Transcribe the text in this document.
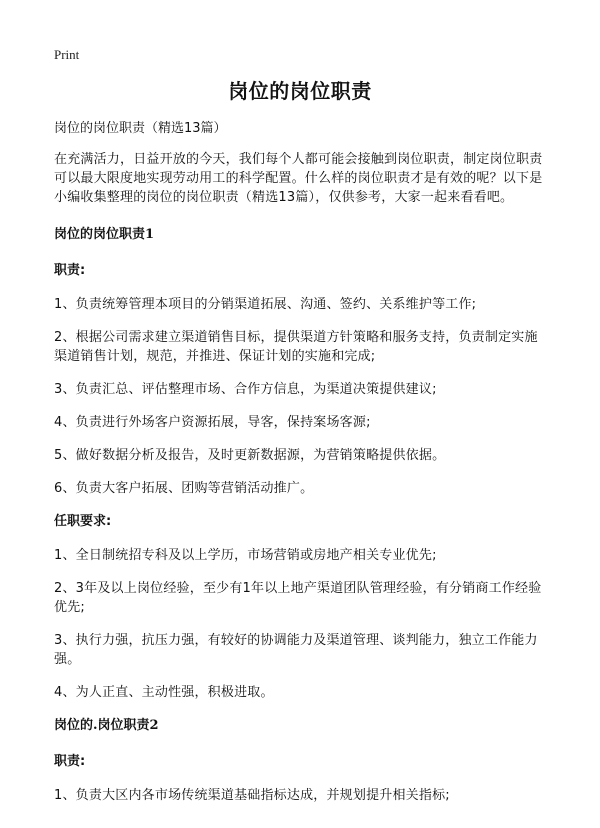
Print
岗位的岗位职责
岗位的岗位职责（精选13篇）
在充满活力，日益开放的今天，我们每个人都可能会接触到岗位职责，制定岗位职责可以最大限度地实现劳动用工的科学配置。什么样的岗位职责才是有效的呢？以下是小编收集整理的岗位的岗位职责（精选13篇），仅供参考，大家一起来看看吧。
岗位的岗位职责1
职责:
1、负责统筹管理本项目的分销渠道拓展、沟通、签约、关系维护等工作;
2、根据公司需求建立渠道销售目标，提供渠道方针策略和服务支持，负责制定实施渠道销售计划，规范，并推进、保证计划的实施和完成;
3、负责汇总、评估整理市场、合作方信息，为渠道决策提供建议;
4、负责进行外场客户资源拓展，导客，保持案场客源;
5、做好数据分析及报告，及时更新数据源，为营销策略提供依据。
6、负责大客户拓展、团购等营销活动推广。
任职要求:
1、全日制统招专科及以上学历，市场营销或房地产相关专业优先;
2、3年及以上岗位经验，至少有1年以上地产渠道团队管理经验，有分销商工作经验优先;
3、执行力强，抗压力强，有较好的协调能力及渠道管理、谈判能力，独立工作能力强。
4、为人正直、主动性强，积极进取。
岗位的.岗位职责2
职责:
1、负责大区内各市场传统渠道基础指标达成，并规划提升相关指标;
